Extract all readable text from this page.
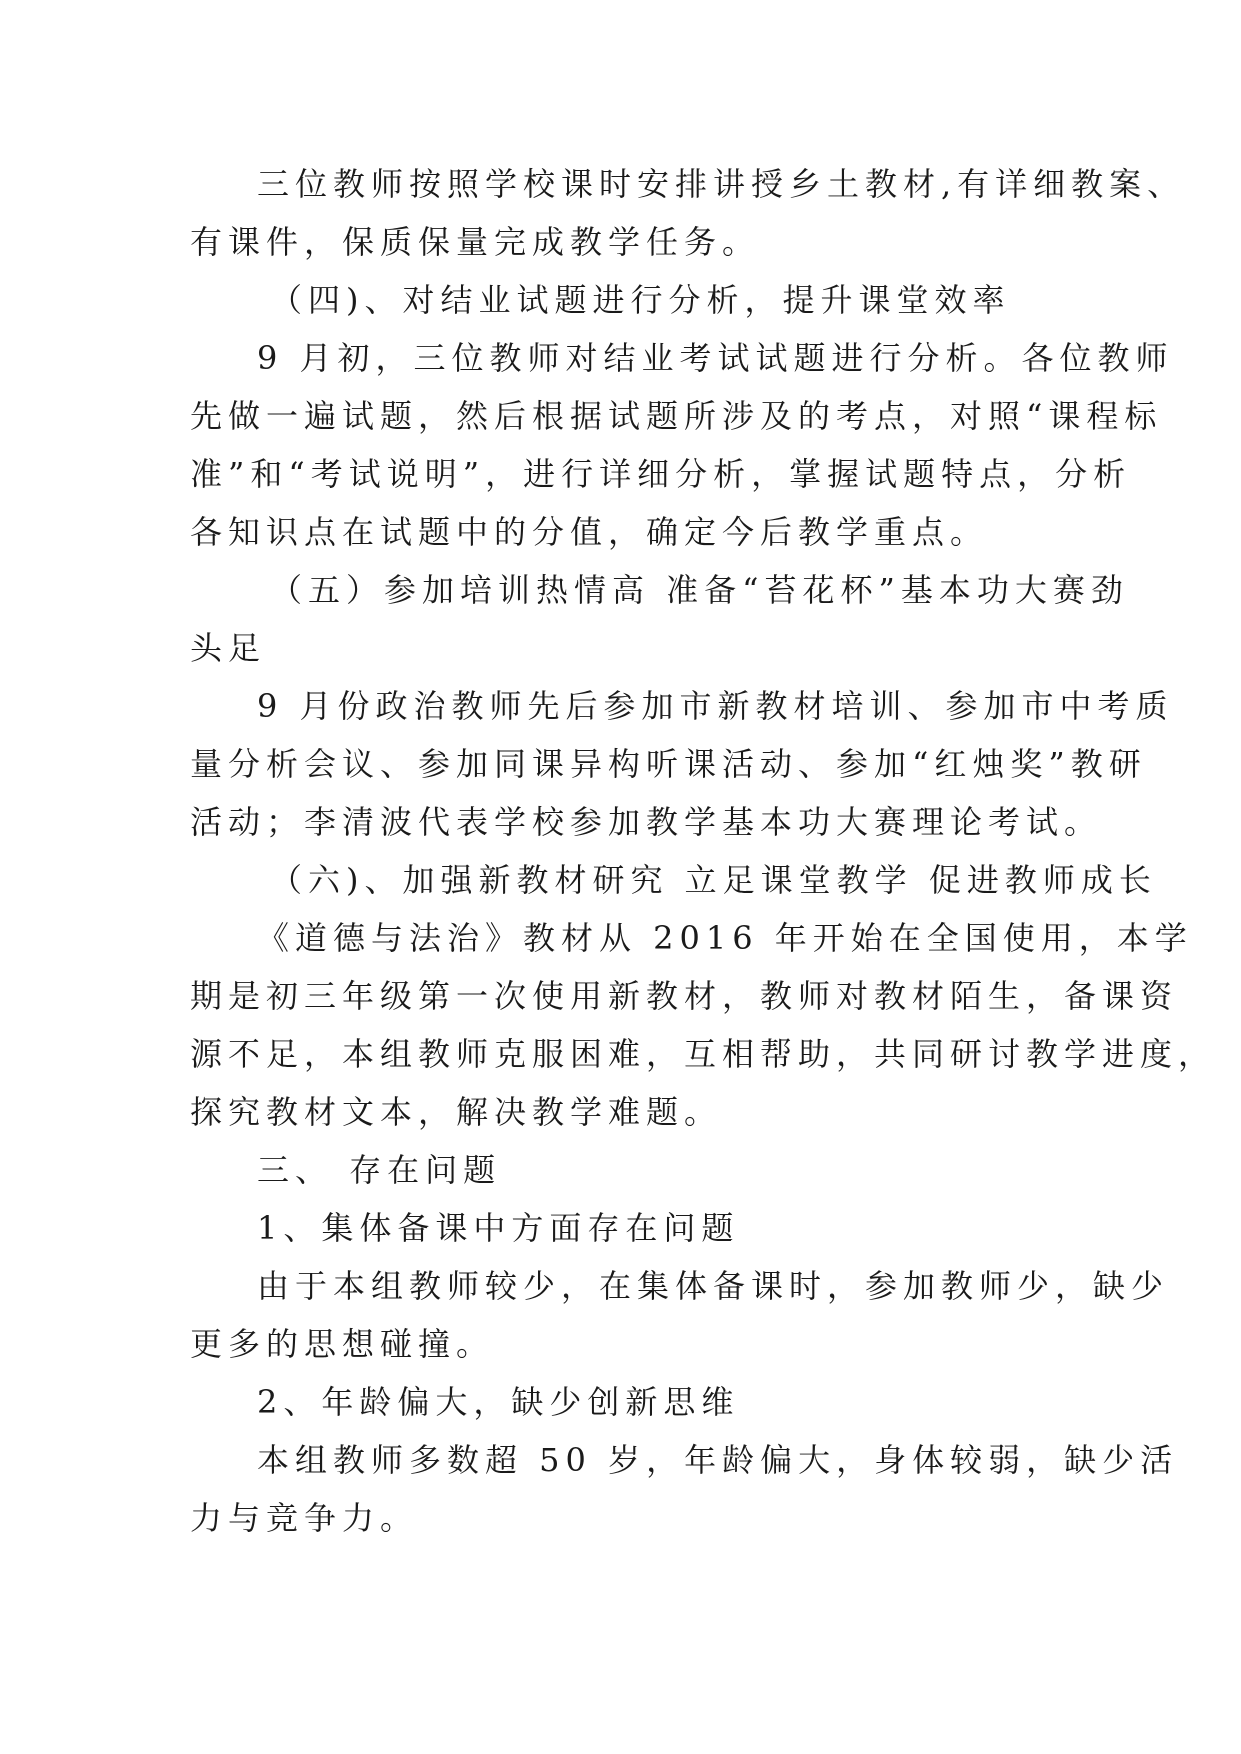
三位教师按照学校课时安排讲授乡土教材,有详细教案、
有课件，保质保量完成教学任务。
（四)、对结业试题进行分析，提升课堂效率
9 月初，三位教师对结业考试试题进行分析。各位教师
先做一遍试题，然后根据试题所涉及的考点，对照“课程标
准”和“考试说明”，进行详细分析，掌握试题特点，分析
各知识点在试题中的分值，确定今后教学重点。
（五）参加培训热情高 准备“苔花杯”基本功大赛劲
头足
9 月份政治教师先后参加市新教材培训、参加市中考质
量分析会议、参加同课异构听课活动、参加“红烛奖”教研
活动；李清波代表学校参加教学基本功大赛理论考试。
（六)、加强新教材研究 立足课堂教学 促进教师成长
《道德与法治》教材从 2016 年开始在全国使用，本学
期是初三年级第一次使用新教材，教师对教材陌生，备课资
源不足，本组教师克服困难，互相帮助，共同研讨教学进度，
探究教材文本，解决教学难题。
三、 存在问题
1、集体备课中方面存在问题
由于本组教师较少，在集体备课时，参加教师少，缺少
更多的思想碰撞。
2、年龄偏大，缺少创新思维
本组教师多数超 50 岁，年龄偏大，身体较弱，缺少活
力与竞争力。
